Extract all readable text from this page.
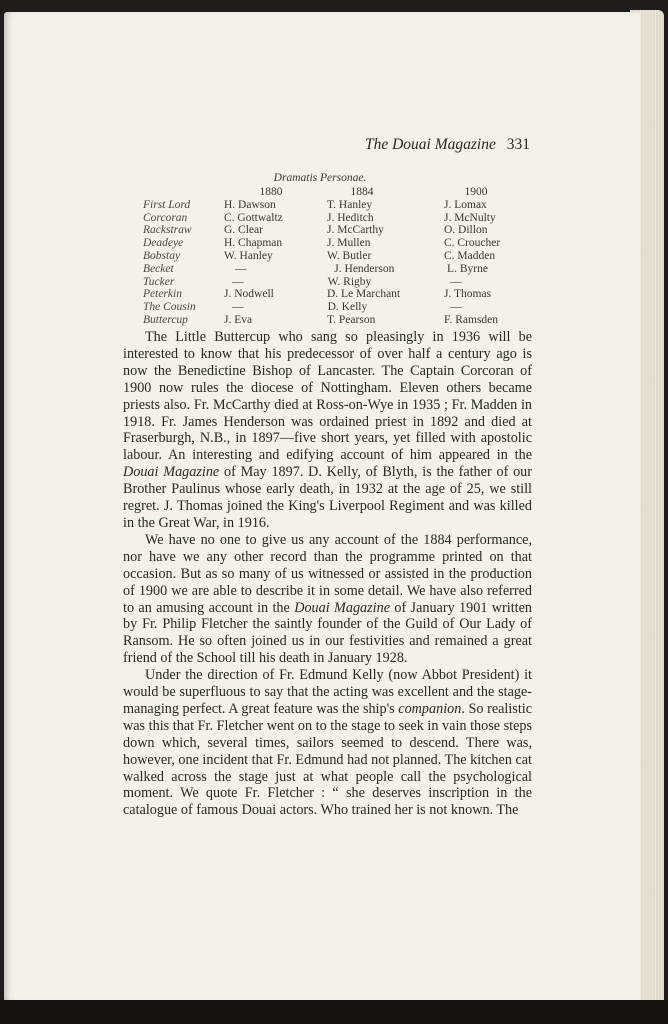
The Douai Magazine 331
Dramatis Personae.
1880	1884	1900
First Lord	H. Dawson	T. Hanley	J. Lomax
Corcoran	C. Gottwaltz	J. Heditch	J. McNulty
Rackstraw	G. Clear	J. McCarthy	O. Dillon
Deadeye	H. Chapman	J. Mullen	C. Croucher
Bobstay	W. Hanley	W. Butler	C. Madden
Becket	—	J. Henderson	L. Byrne
Tucker	—	W. Rigby	—
Peterkin	J. Nodwell	D. Le Marchant	J. Thomas
The Cousin	—	D. Kelly	—
Buttercup	J. Eva	T. Pearson	F. Ramsden

The Little Buttercup who sang so pleasingly in 1936 will be interested to know that his predecessor of over half a century ago is now the Benedictine Bishop of Lancaster. The Captain Corcoran of 1900 now rules the diocese of Nottingham. Eleven others became priests also. Fr. McCarthy died at Ross-on-Wye in 1935 ; Fr. Madden in 1918. Fr. James Henderson was ordained priest in 1892 and died at Fraserburgh, N.B., in 1897—five short years, yet filled with apostolic labour. An interesting and edifying account of him appeared in the Douai Magazine of May 1897. D. Kelly, of Blyth, is the father of our Brother Paulinus whose early death, in 1932 at the age of 25, we still regret. J. Thomas joined the King's Liverpool Regiment and was killed in the Great War, in 1916.

We have no one to give us any account of the 1884 performance, nor have we any other record than the programme printed on that occasion. But as so many of us witnessed or assisted in the production of 1900 we are able to describe it in some detail. We have also referred to an amusing account in the Douai Magazine of January 1901 written by Fr. Philip Fletcher the saintly founder of the Guild of Our Lady of Ransom. He so often joined us in our festivities and remained a great friend of the School till his death in January 1928.

Under the direction of Fr. Edmund Kelly (now Abbot President) it would be superfluous to say that the acting was excellent and the stage-managing perfect. A great feature was the ship's companion. So realistic was this that Fr. Fletcher went on to the stage to seek in vain those steps down which, several times, sailors seemed to descend. There was, however, one incident that Fr. Edmund had not planned. The kitchen cat walked across the stage just at what people call the psychological moment. We quote Fr. Fletcher : “ she deserves inscription in the catalogue of famous Douai actors. Who trained her is not known. The
